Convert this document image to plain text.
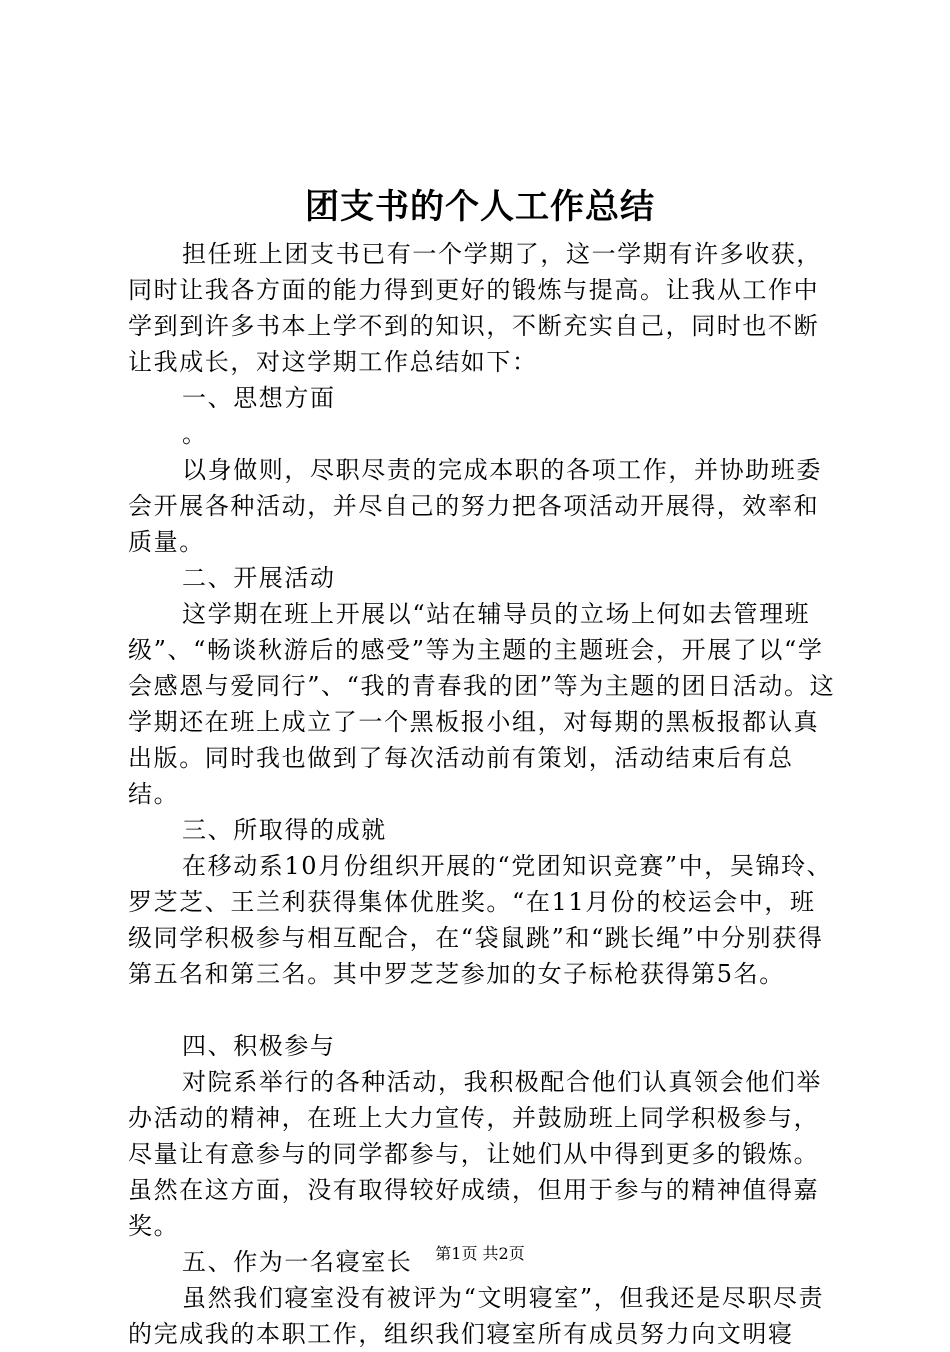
团支书的个人工作总结

担任班上团支书已有一个学期了，这一学期有许多收获，同时让我各方面的能力得到更好的锻炼与提高。让我从工作中学到到许多书本上学不到的知识，不断充实自己，同时也不断让我成长，对这学期工作总结如下：

一、思想方面

。

以身做则，尽职尽责的完成本职的各项工作，并协助班委会开展各种活动，并尽自己的努力把各项活动开展得，效率和质量。

二、开展活动

这学期在班上开展以“站在辅导员的立场上何如去管理班级”、“畅谈秋游后的感受”等为主题的主题班会，开展了以“学会感恩与爱同行”、“我的青春我的团”等为主题的团日活动。这学期还在班上成立了一个黑板报小组，对每期的黑板报都认真出版。同时我也做到了每次活动前有策划，活动结束后有总结。

三、所取得的成就

在移动系10月份组织开展的“党团知识竞赛”中，吴锦玲、罗芝芝、王兰利获得集体优胜奖。“在11月份的校运会中，班级同学积极参与相互配合，在“袋鼠跳”和“跳长绳”中分别获得第五名和第三名。其中罗芝芝参加的女子标枪获得第5名。

四、积极参与

对院系举行的各种活动，我积极配合他们认真领会他们举办活动的精神，在班上大力宣传，并鼓励班上同学积极参与，尽量让有意参与的同学都参与，让她们从中得到更多的锻炼。虽然在这方面，没有取得较好成绩，但用于参与的精神值得嘉奖。

五、作为一名寝室长

虽然我们寝室没有被评为“文明寝室”，但我还是尽职尽责的完成我的本职工作，组织我们寝室所有成员努力向文明寝

第1页 共2页
